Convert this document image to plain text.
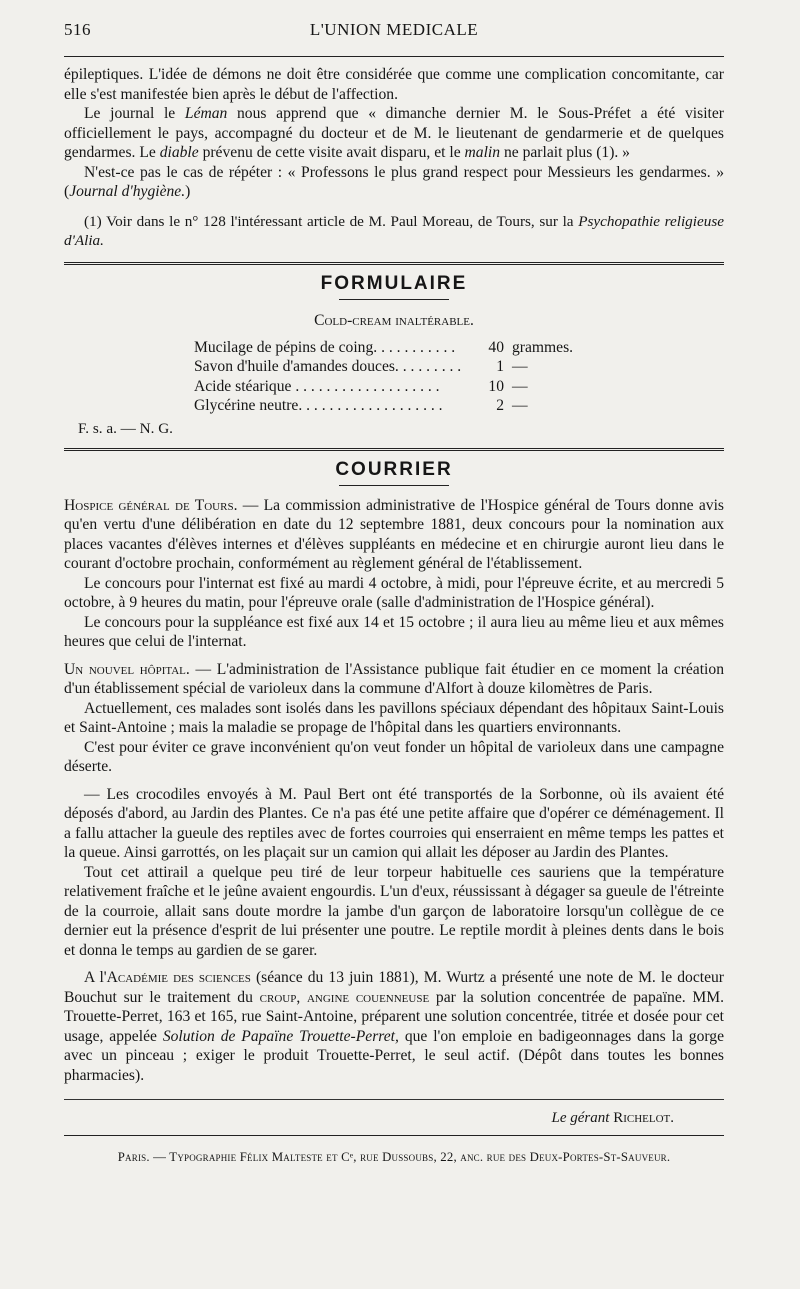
516	L'UNION MEDICALE

épileptiques. L'idée de démons ne doit être considérée que comme une complication concomitante, car elle s'est manifestée bien après le début de l'affection.

Le journal le Léman nous apprend que « dimanche dernier M. le Sous-Préfet a été visiter officiellement le pays, accompagné du docteur et de M. le lieutenant de gendarmerie et de quelques gendarmes. Le diable prévenu de cette visite avait disparu, et le malin ne parlait plus (1). »

N'est-ce pas le cas de répéter : « Professons le plus grand respect pour Messieurs les gendarmes. » (Journal d'hygiène.)

(1) Voir dans le n° 128 l'intéressant article de M. Paul Moreau, de Tours, sur la Psychopathie religieuse d'Alia.

FORMULAIRE
Cold-cream inaltérable.
Mucilage de pépins de coing. . . . . . . . . . .	40 grammes.
Savon d'huile d'amandes douces. . . . . . . . .	1 —
Acide stéarique . . . . . . . . . . . . . . . . . . .	10 —
Glycérine neutre. . . . . . . . . . . . . . . . . . .	2 —
F. s. a. — N. G.
COURRIER

Hospice général de Tours. — La commission administrative de l'Hospice général de Tours donne avis qu'en vertu d'une délibération en date du 12 septembre 1881, deux concours pour la nomination aux places vacantes d'élèves internes et d'élèves suppléants en médecine et en chirurgie auront lieu dans le courant d'octobre prochain, conformément au règlement général de l'établissement.

Le concours pour l'internat est fixé au mardi 4 octobre, à midi, pour l'épreuve écrite, et au mercredi 5 octobre, à 9 heures du matin, pour l'épreuve orale (salle d'administration de l'Hospice général).

Le concours pour la suppléance est fixé aux 14 et 15 octobre ; il aura lieu au même lieu et aux mêmes heures que celui de l'internat.

Un nouvel hôpital. — L'administration de l'Assistance publique fait étudier en ce moment la création d'un établissement spécial de varioleux dans la commune d'Alfort à douze kilomètres de Paris.

Actuellement, ces malades sont isolés dans les pavillons spéciaux dépendant des hôpitaux Saint-Louis et Saint-Antoine ; mais la maladie se propage de l'hôpital dans les quartiers environnants.

C'est pour éviter ce grave inconvénient qu'on veut fonder un hôpital de varioleux dans une campagne déserte.

— Les crocodiles envoyés à M. Paul Bert ont été transportés de la Sorbonne, où ils avaient été déposés d'abord, au Jardin des Plantes. Ce n'a pas été une petite affaire que d'opérer ce déménagement. Il a fallu attacher la gueule des reptiles avec de fortes courroies qui enserraient en même temps les pattes et la queue. Ainsi garrottés, on les plaçait sur un camion qui allait les déposer au Jardin des Plantes.

Tout cet attirail a quelque peu tiré de leur torpeur habituelle ces sauriens que la température relativement fraîche et le jeûne avaient engourdis. L'un d'eux, réussissant à dégager sa gueule de l'étreinte de la courroie, allait sans doute mordre la jambe d'un garçon de laboratoire lorsqu'un collègue de ce dernier eut la présence d'esprit de lui présenter une poutre. Le reptile mordit à pleines dents dans le bois et donna le temps au gardien de se garer.

A l'Académie des sciences (séance du 13 juin 1881), M. Wurtz a présenté une note de M. le docteur Bouchut sur le traitement du croup, angine couenneuse par la solution concentrée de papaïne. MM. Trouette-Perret, 163 et 165, rue Saint-Antoine, préparent une solution concentrée, titrée et dosée pour cet usage, appelée Solution de Papaïne Trouette-Perret, que l'on emploie en badigeonnages dans la gorge avec un pinceau ; exiger le produit Trouette-Perret, le seul actif. (Dépôt dans toutes les bonnes pharmacies).

Le gérant Richelot.
Paris. — Typographie Félix Malteste et Cᵉ, rue Dussoubs, 22, anc. rue des Deux-Portes-St-Sauveur.
